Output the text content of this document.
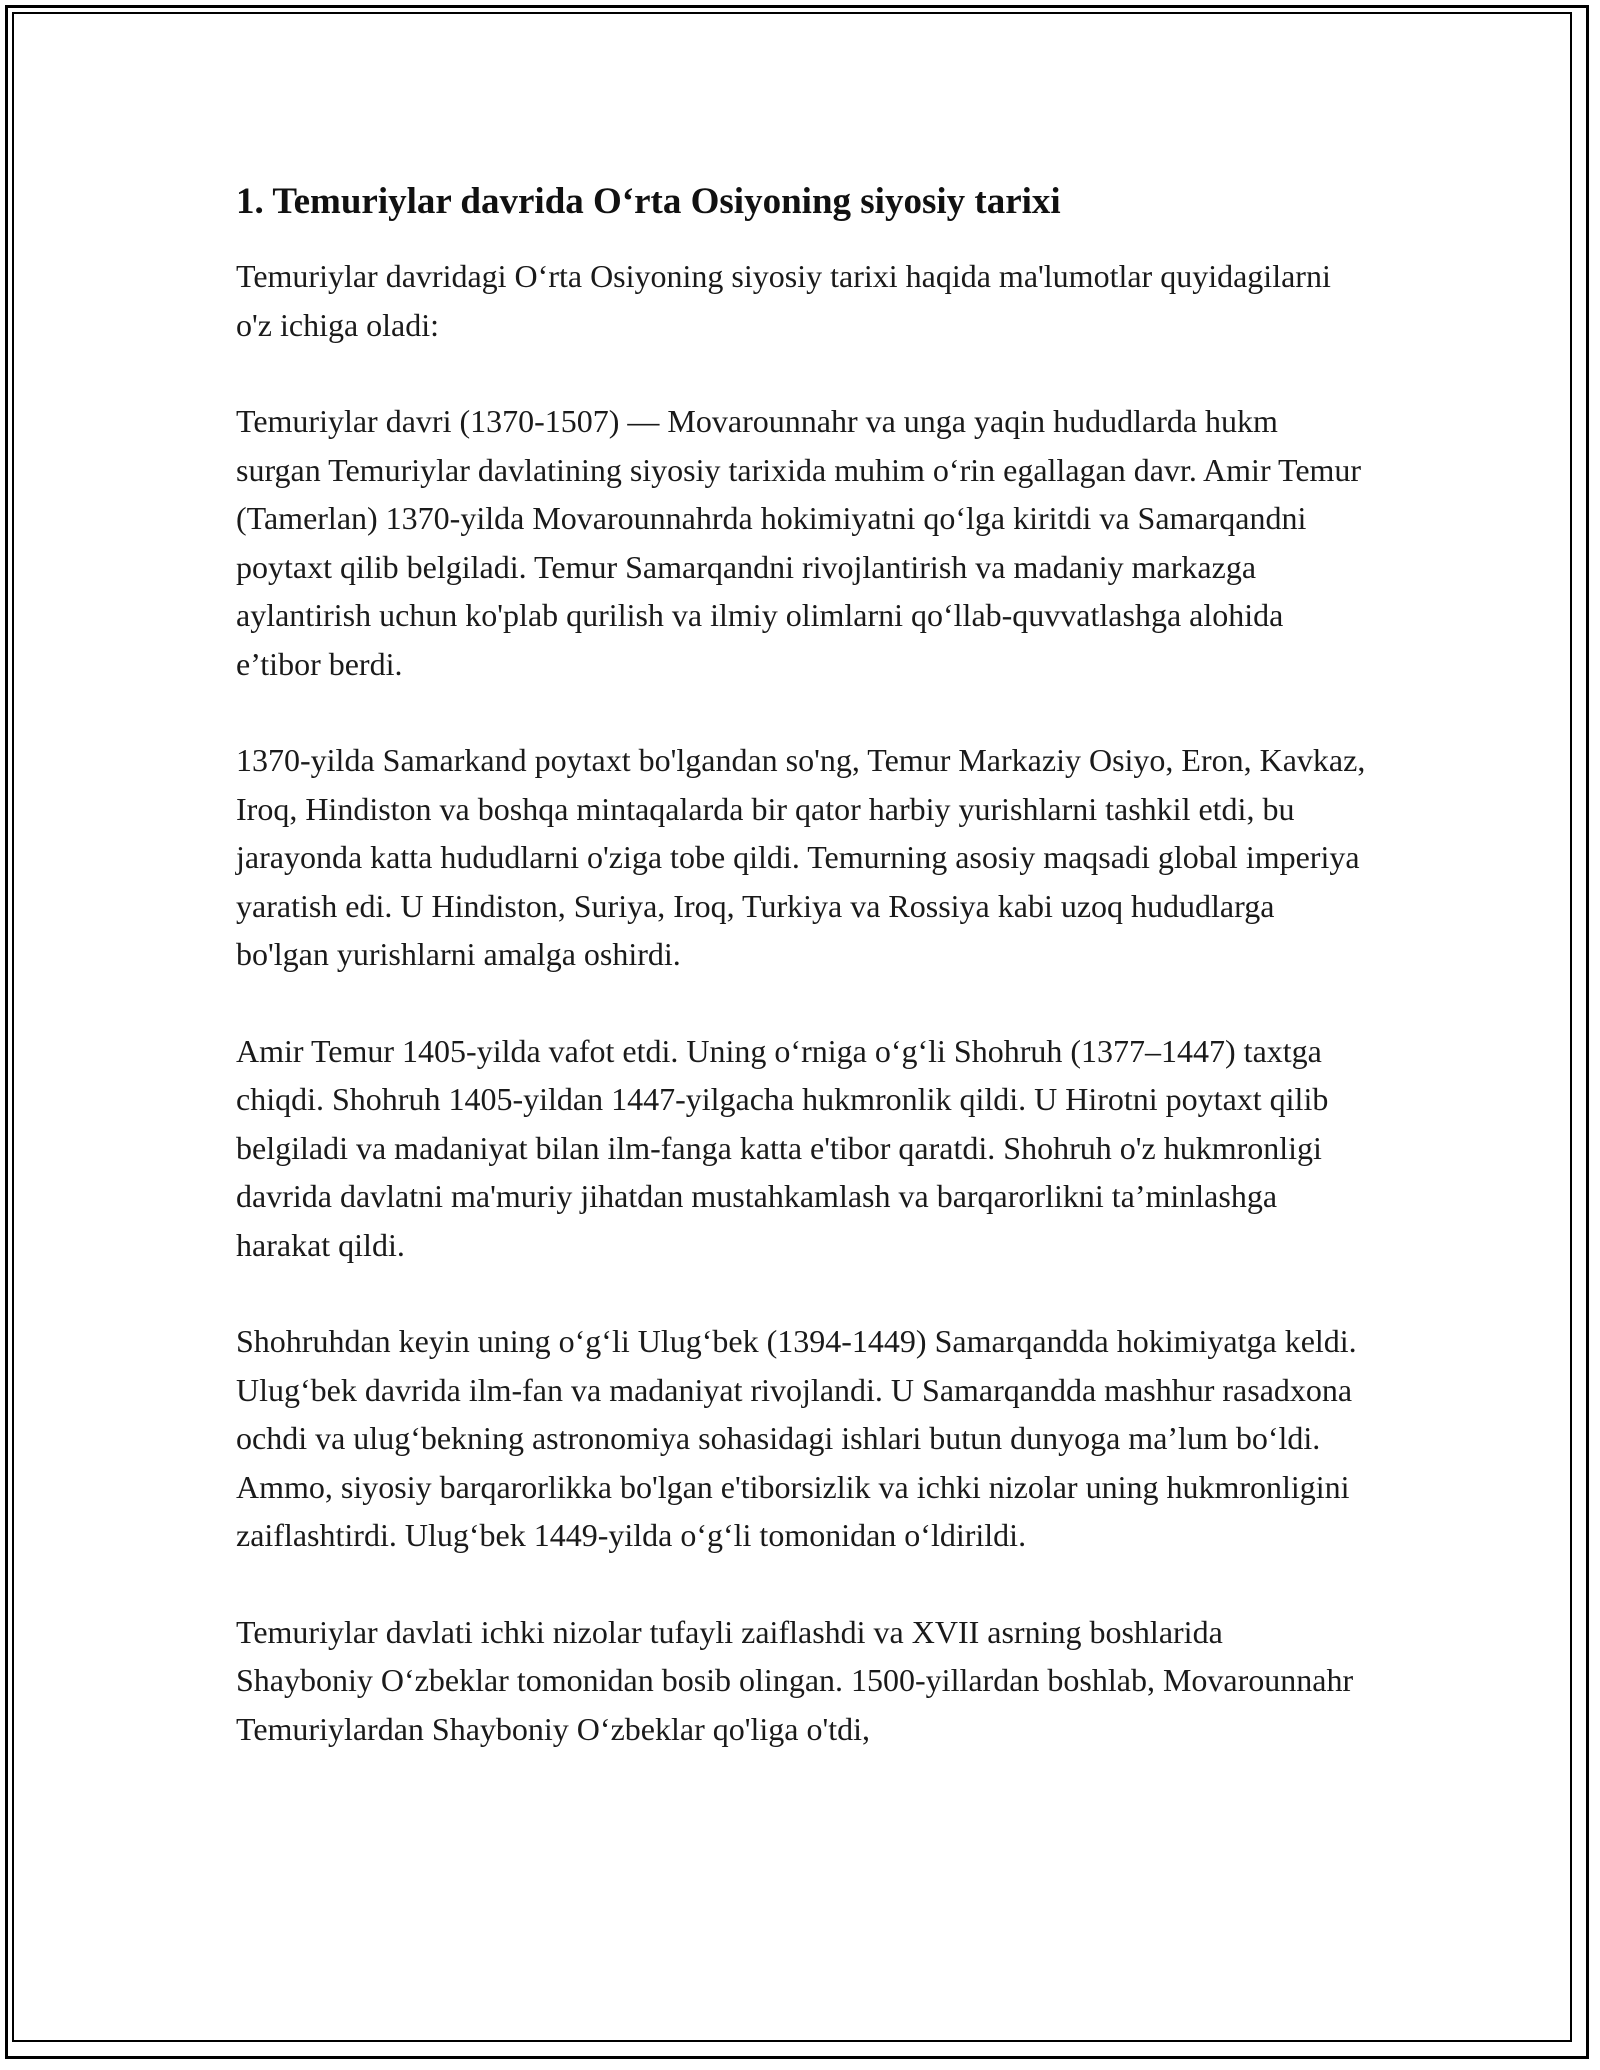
1. Temuriylar davrida O‘rta Osiyoning siyosiy tarixi

Temuriylar davridagi O‘rta Osiyoning siyosiy tarixi haqida ma'lumotlar quyidagilarni o'z ichiga oladi:

Temuriylar davri (1370-1507) — Movarounnahr va unga yaqin hududlarda hukm surgan Temuriylar davlatining siyosiy tarixida muhim o‘rin egallagan davr. Amir Temur (Tamerlan) 1370-yilda Movarounnahrda hokimiyatni qo‘lga kiritdi va Samarqandni poytaxt qilib belgiladi. Temur Samarqandni rivojlantirish va madaniy markazga aylantirish uchun ko'plab qurilish va ilmiy olimlarni qo‘llab-quvvatlashga alohida e’tibor berdi.

1370-yilda Samarkand poytaxt bo'lgandan so'ng, Temur Markaziy Osiyo, Eron, Kavkaz, Iroq, Hindiston va boshqa mintaqalarda bir qator harbiy yurishlarni tashkil etdi, bu jarayonda katta hududlarni o'ziga tobe qildi. Temurning asosiy maqsadi global imperiya yaratish edi. U Hindiston, Suriya, Iroq, Turkiya va Rossiya kabi uzoq hududlarga bo'lgan yurishlarni amalga oshirdi.

Amir Temur 1405-yilda vafot etdi. Uning o‘rniga o‘g‘li Shohruh (1377–1447) taxtga chiqdi. Shohruh 1405-yildan 1447-yilgacha hukmronlik qildi. U Hirotni poytaxt qilib belgiladi va madaniyat bilan ilm-fanga katta e'tibor qaratdi. Shohruh o'z hukmronligi davrida davlatni ma'muriy jihatdan mustahkamlash va barqarorlikni ta’minlashga harakat qildi.

Shohruhdan keyin uning o‘g‘li Ulug‘bek (1394-1449) Samarqandda hokimiyatga keldi. Ulug‘bek davrida ilm-fan va madaniyat rivojlandi. U Samarqandda mashhur rasadxona ochdi va ulug‘bekning astronomiya sohasidagi ishlari butun dunyoga ma’lum bo‘ldi. Ammo, siyosiy barqarorlikka bo'lgan e'tiborsizlik va ichki nizolar uning hukmronligini zaiflashtirdi. Ulug‘bek 1449-yilda o‘g‘li tomonidan o‘ldirildi.

Temuriylar davlati ichki nizolar tufayli zaiflashdi va XVII asrning boshlarida Shayboniy O‘zbeklar tomonidan bosib olingan. 1500-yillardan boshlab, Movarounnahr Temuriylardan Shayboniy O‘zbeklar qo'liga o'tdi,
